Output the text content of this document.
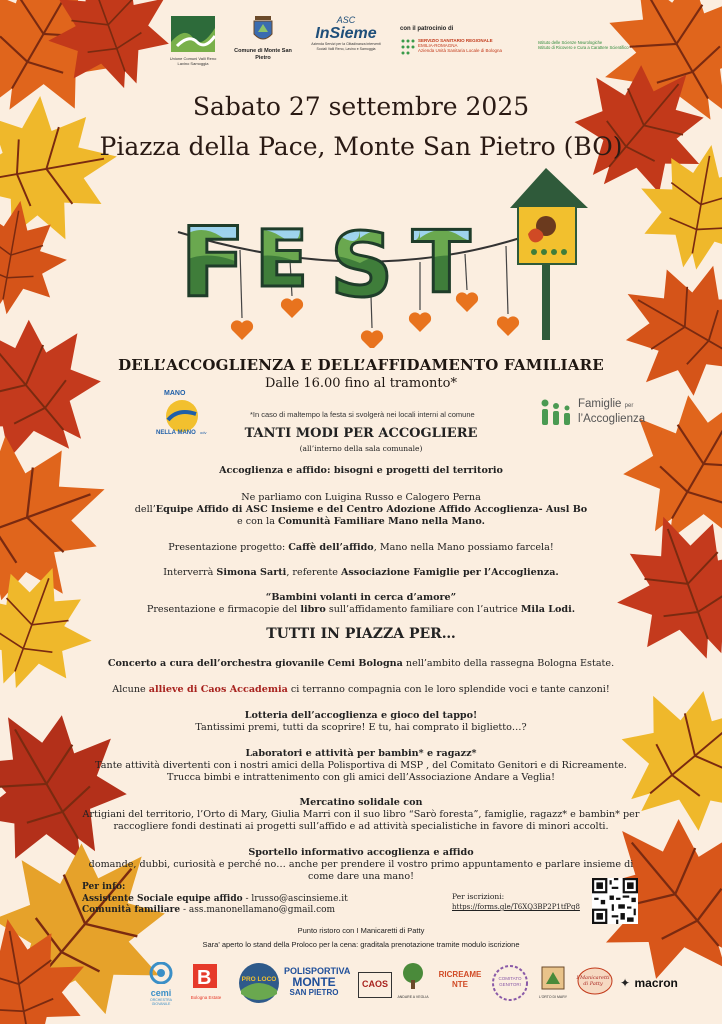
Unione Comuni Valli Reno Lavino Samoggia
Comune di Monte San Pietro
ASC
InSieme
Azienda Servizi per la Cittadinanza interventi Sociali Valli Reno, Lavino e Samoggia
con il patrocinio di
SERVIZIO SANITARIO REGIONALE
EMILIA-ROMAGNA
Azienda Unità Sanitaria Locale di Bologna
Istituto delle Scienze Neurologiche
Istituto di Ricovero e Cura a Carattere Scientifico
Sabato 27 settembre 2025
Piazza della Pace, Monte San Pietro (BO)
F E S T
DELL’ACCOGLIENZA E DELL’AFFIDAMENTO FAMILIARE
Dalle 16.00 fino al tramonto*
MANO
NELLA MANO odv
Famiglie per
l’Accoglienza
*In caso di maltempo la festa si svolgerà nei locali interni al comune
TANTI MODI PER ACCOGLIERE
(all’interno della sala comunale)
Accoglienza e affido: bisogni e progetti del territorio
Ne parliamo con Luigina Russo e Calogero Perna
dell’Equipe Affido di ASC Insieme e del Centro Adozione Affido Accoglienza- Ausl Bo
e con la Comunità Familiare Mano nella Mano.
Presentazione progetto: Caffè dell’affido, Mano nella Mano possiamo farcela!
Interverrà Simona Sarti, referente Associazione Famiglie per l’Accoglienza.
“Bambini volanti in cerca d’amore”
Presentazione e firmacopie del libro sull’affidamento familiare con l’autrice Mila Lodi.
TUTTI IN PIAZZA PER…
Concerto a cura dell’orchestra giovanile Cemi Bologna nell’ambito della rassegna Bologna Estate.
Alcune allieve di Caos Accademia ci terranno compagnia con le loro splendide voci e tante canzoni!
Lotteria dell’accoglienza e gioco del tappo!
Tantissimi premi, tutti da scoprire! E tu, hai comprato il biglietto…?
Laboratori e attività per bambin* e ragazz*
Tante attività divertenti con i nostri amici della Polisportiva di MSP , del Comitato Genitori e di Ricreamente.
Trucca bimbi e intrattenimento con gli amici dell’Associazione Andare a Veglia!
Mercatino solidale con
Artigiani del territorio, l’Orto di Mary, Giulia Marri con il suo libro “Sarò foresta”, famiglie, ragazz* e bambin* per
raccogliere fondi destinati ai progetti sull’affido e ad attività specialistiche in favore di minori accolti.
Sportello informativo accoglienza e affido
domande, dubbi, curiosità e perché no… anche per prendere il vostro primo appuntamento e parlare insieme di
come dare una mano!
Per info:
Assistente Sociale equipe affido - lrusso@ascinsieme.it
Comunità familiare - ass.manonellamano@gmail.com
Per iscrizioni:
https://forms.gle/T6XQ3BP2P1tfPq8
Punto ristoro con I Manicaretti di Patty
Sara' aperto lo stand della Proloco per la cena: graditala prenotazione tramite modulo iscrizione
cemi
ORCHESTRA GIOVANILE
B
Bologna Estate
PRO LOCO
POLISPORTIVA
MONTE
SAN PIETRO
CAOS
ANDARE A VEGLIA
RICREAMENTE
COMITATO GENITORI
L'ORTO DI MARY
I Manicaretti di Patty	✦ macron
